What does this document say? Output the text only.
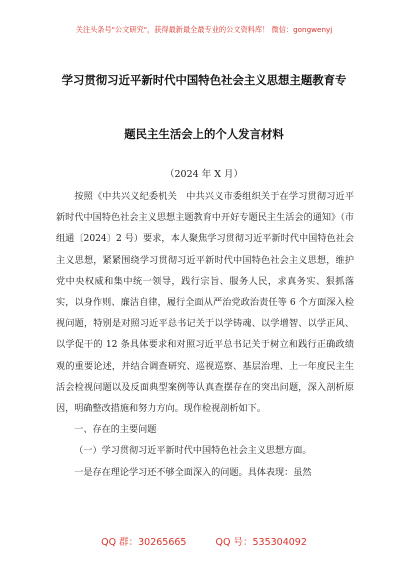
关注头条号"公文研究"，获得最新最全最专业的公文资料库！ 微信：gongwenyj
学习贯彻习近平新时代中国特色社会主义思想主题教育专
题民主生活会上的个人发言材料
（2024 年 X 月）

按照《中共兴义纪委机关　中共兴义市委组织关于在学习贯彻习近平新时代中国特色社会主义思想主题教育中开好专题民主生活会的通知》（市组通〔2024〕2 号）要求，本人聚焦学习贯彻习近平新时代中国特色社会主义思想，紧紧围绕学习贯彻习近平新时代中国特色社会主义思想，维护党中央权威和集中统一领导，践行宗旨、服务人民，求真务实、狠抓落实，以身作则、廉洁自律，履行全面从严治党政治责任等 6 个方面深入检视问题，特别是对照习近平总书记关于以学铸魂、以学增智、以学正风、以学促干的 12 条具体要求和对照习近平总书记关于树立和践行正确政绩观的重要论述，并结合调查研究、巡视巡察、基层治理、上一年度民主生活会检视问题以及反面典型案例等认真查摆存在的突出问题，深入剖析原因，明确整改措施和努力方向。现作检视剖析如下。

一、存在的主要问题

（一）学习贯彻习近平新时代中国特色社会主义思想方面。

一是存在理论学习还不够全面深入的问题。具体表现：虽然

QQ 群：30265665	QQ 号：535304092
